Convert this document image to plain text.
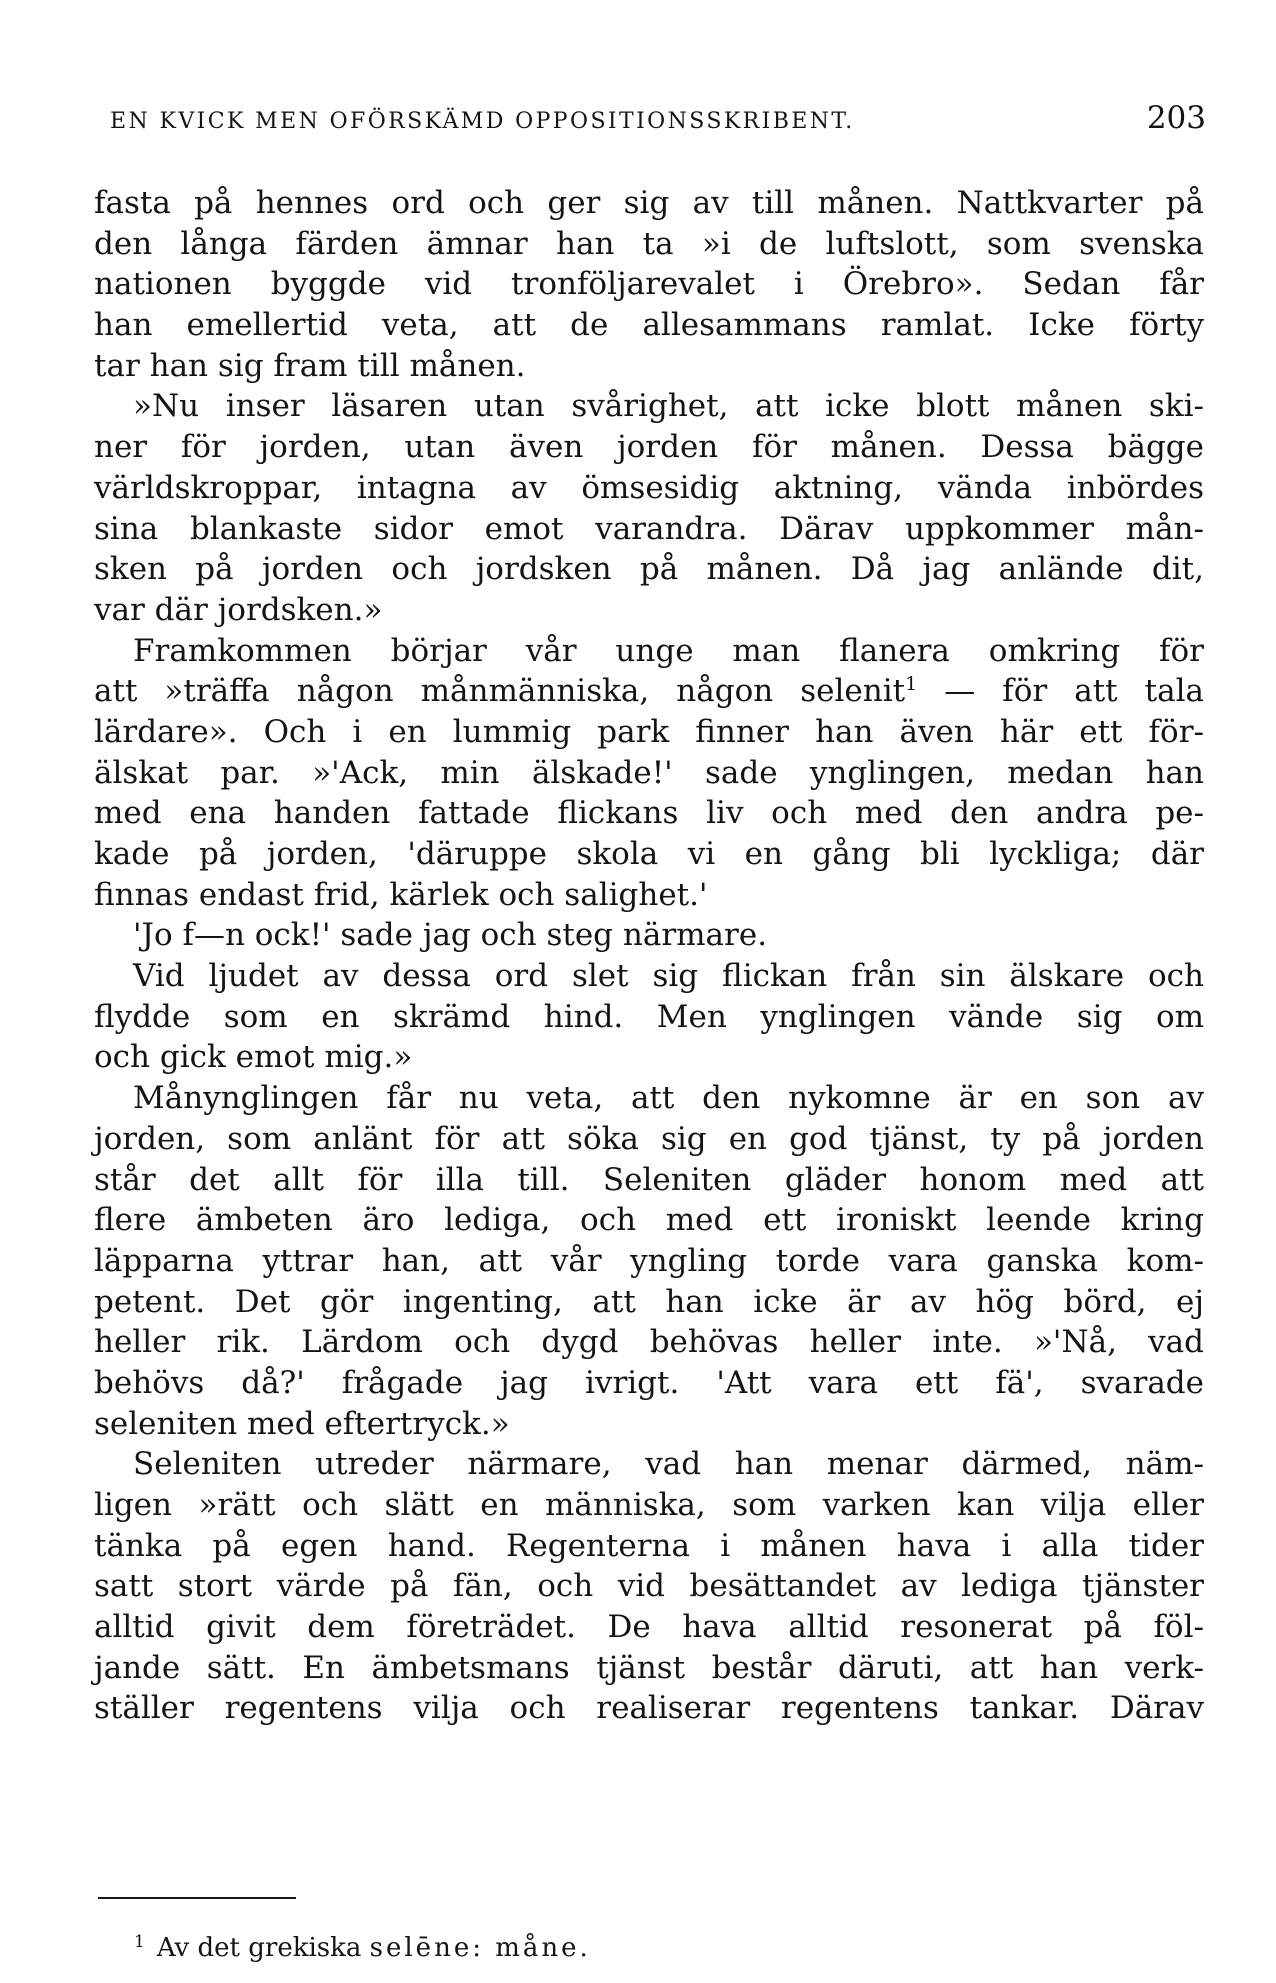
EN KVICK MEN OFÖRSKÄMD OPPOSITIONSSKRIBENT.	203
fasta på hennes ord och ger sig av till månen. Nattkvarter på
den långa färden ämnar han ta »i de luftslott, som svenska
nationen byggde vid tronföljarevalet i Örebro». Sedan får
han emellertid veta, att de allesammans ramlat. Icke förty
tar han sig fram till månen.
»Nu inser läsaren utan svårighet, att icke blott månen ski-
ner för jorden, utan även jorden för månen. Dessa bägge
världskroppar, intagna av ömsesidig aktning, vända inbördes
sina blankaste sidor emot varandra. Därav uppkommer mån-
sken på jorden och jordsken på månen. Då jag anlände dit,
var där jordsken.»
Framkommen börjar vår unge man flanera omkring för
att »träffa någon månmänniska, någon selenit$^1$ — för att tala
lärdare». Och i en lummig park finner han även här ett för-
älskat par. »'Ack, min älskade!' sade ynglingen, medan han
med ena handen fattade flickans liv och med den andra pe-
kade på jorden, 'däruppe skola vi en gång bli lyckliga; där
finnas endast frid, kärlek och salighet.'
'Jo f—n ock!' sade jag och steg närmare.
Vid ljudet av dessa ord slet sig flickan från sin älskare och
flydde som en skrämd hind. Men ynglingen vände sig om
och gick emot mig.»
Månynglingen får nu veta, att den nykomne är en son av
jorden, som anlänt för att söka sig en god tjänst, ty på jorden
står det allt för illa till. Seleniten gläder honom med att
flere ämbeten äro lediga, och med ett ironiskt leende kring
läpparna yttrar han, att vår yngling torde vara ganska kom-
petent. Det gör ingenting, att han icke är av hög börd, ej
heller rik. Lärdom och dygd behövas heller inte. »'Nå, vad
behövs då?' frågade jag ivrigt. 'Att vara ett fä', svarade
seleniten med eftertryck.»
Seleniten utreder närmare, vad han menar därmed, näm-
ligen »rätt och slätt en människa, som varken kan vilja eller
tänka på egen hand. Regenterna i månen hava i alla tider
satt stort värde på fän, och vid besättandet av lediga tjänster
alltid givit dem företrädet. De hava alltid resonerat på föl-
jande sätt. En ämbetsmans tjänst består däruti, att han verk-
ställer regentens vilja och realiserar regentens tankar. Därav
$^1$ Av det grekiska selēne: måne.
